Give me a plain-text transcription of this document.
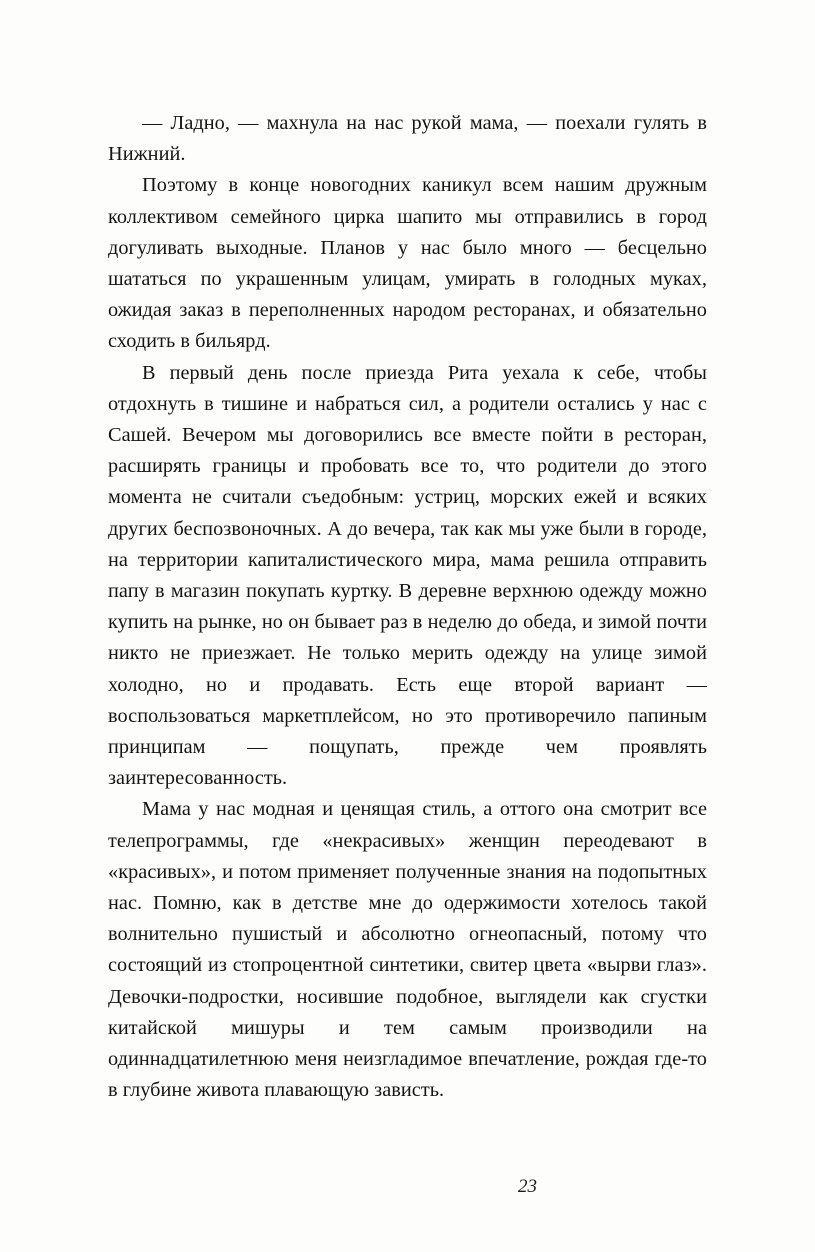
— Ладно, — махнула на нас рукой мама, — поехали гулять в Нижний.

Поэтому в конце новогодних каникул всем нашим дружным коллективом семейного цирка шапито мы отправились в город догуливать выходные. Планов у нас было много — бесцельно шататься по украшенным улицам, умирать в голодных муках, ожидая заказ в переполненных народом ресторанах, и обязательно сходить в бильярд.

В первый день после приезда Рита уехала к себе, чтобы отдохнуть в тишине и набраться сил, а родители остались у нас с Сашей. Вечером мы договорились все вместе пойти в ресторан, расширять границы и пробовать все то, что родители до этого момента не считали съедобным: устриц, морских ежей и всяких других беспозвоночных. А до вечера, так как мы уже были в городе, на территории капиталистического мира, мама решила отправить папу в магазин покупать куртку. В деревне верхнюю одежду можно купить на рынке, но он бывает раз в неделю до обеда, и зимой почти никто не приезжает. Не только мерить одежду на улице зимой холодно, но и продавать. Есть еще второй вариант — воспользоваться маркетплейсом, но это противоречило папиным принципам — пощупать, прежде чем проявлять заинтересованность.

Мама у нас модная и ценящая стиль, а оттого она смотрит все телепрограммы, где «некрасивых» женщин переодевают в «красивых», и потом применяет полученные знания на подопытных нас. Помню, как в детстве мне до одержимости хотелось такой волнительно пушистый и абсолютно огнеопасный, потому что состоящий из стопроцентной синтетики, свитер цвета «вырви глаз». Девочки-подростки, носившие подобное, выглядели как сгустки китайской мишуры и тем самым производили на одиннадцатилетнюю меня неизгладимое впечатление, рождая где-то в глубине живота плавающую зависть.

23
